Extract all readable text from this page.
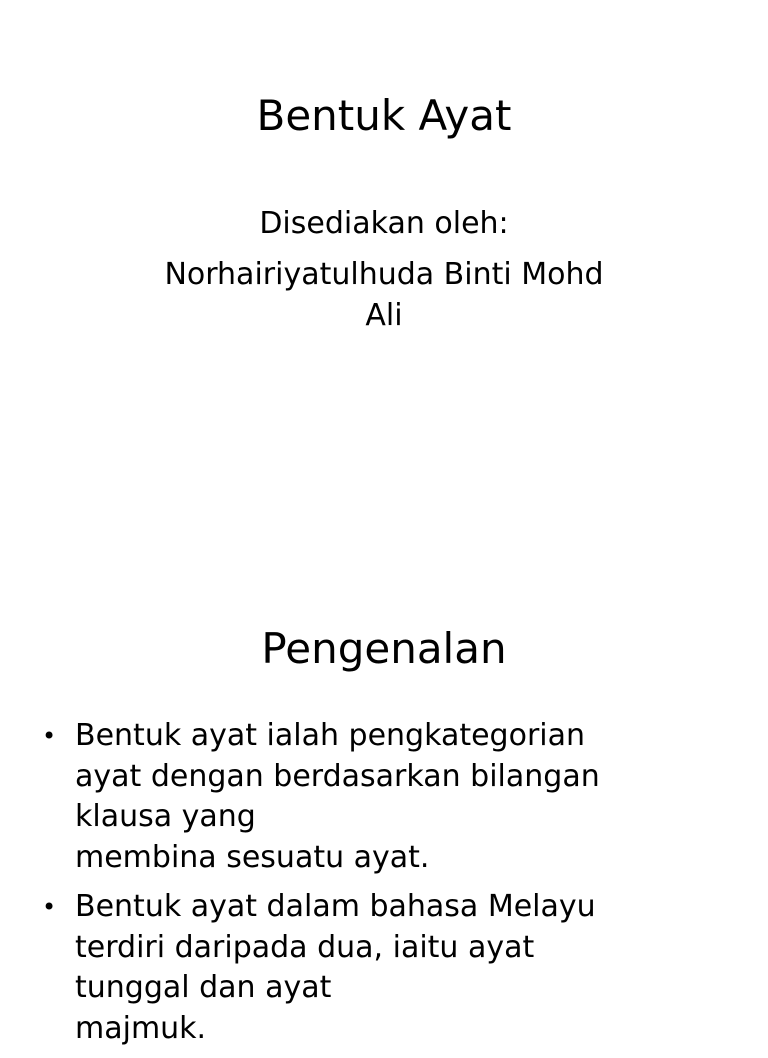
Bentuk Ayat
Disediakan oleh:
Norhairiyatulhuda Binti Mohd
Ali
Pengenalan
• Bentuk ayat ialah pengkategorian
ayat dengan berdasarkan bilangan
klausa yang
membina sesuatu ayat.
• Bentuk ayat dalam bahasa Melayu
terdiri daripada dua, iaitu ayat
tunggal dan ayat
majmuk.
